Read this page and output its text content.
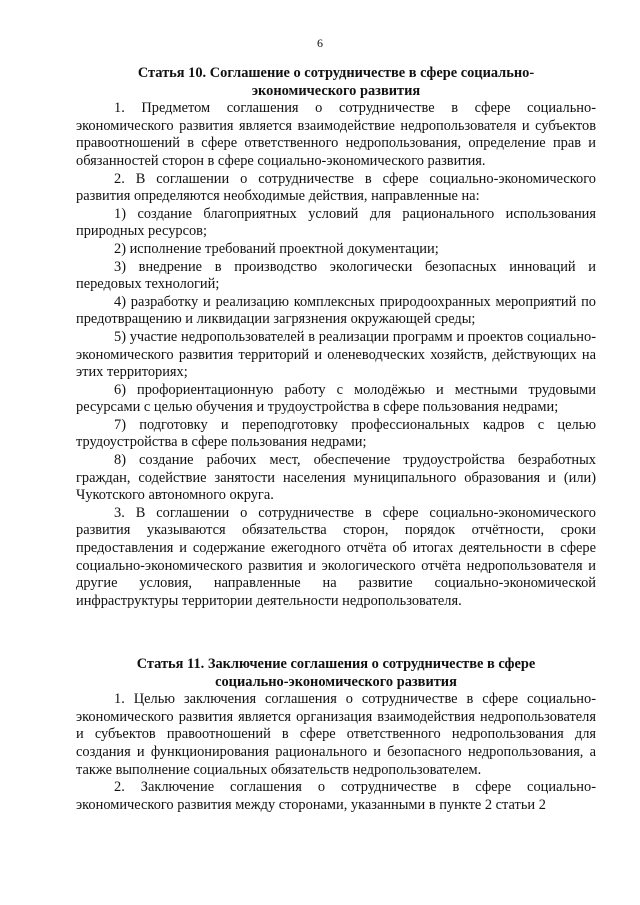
6
Статья 10. Соглашение о сотрудничестве в сфере социально-
экономического развития
1. Предметом соглашения о сотрудничестве в сфере социально-экономического развития является взаимодействие недропользователя и субъектов правоотношений в сфере ответственного недропользования, определение прав и обязанностей сторон в сфере социально-экономического развития.
2. В соглашении о сотрудничестве в сфере социально-экономического развития определяются необходимые действия, направленные на:
1) создание благоприятных условий для рационального использования природных ресурсов;
2) исполнение требований проектной документации;
3) внедрение в производство экологически безопасных инноваций и передовых технологий;
4) разработку и реализацию комплексных природоохранных мероприятий по предотвращению и ликвидации загрязнения окружающей среды;
5) участие недропользователей в реализации программ и проектов социально-экономического развития территорий и оленеводческих хозяйств, действующих на этих территориях;
6) профориентационную работу с молодёжью и местными трудовыми ресурсами с целью обучения и трудоустройства в сфере пользования недрами;
7) подготовку и переподготовку профессиональных кадров с целью трудоустройства в сфере пользования недрами;
8) создание рабочих мест, обеспечение трудоустройства безработных граждан, содействие занятости населения муниципального образования и (или) Чукотского автономного округа.
3. В соглашении о сотрудничестве в сфере социально-экономического развития указываются обязательства сторон, порядок отчётности, сроки предоставления и содержание ежегодного отчёта об итогах деятельности в сфере социально-экономического развития и экологического отчёта недропользователя и другие условия, направленные на развитие социально-экономической инфраструктуры территории деятельности недропользователя.
Статья 11. Заключение соглашения о сотрудничестве в сфере
социально-экономического развития
1. Целью заключения соглашения о сотрудничестве в сфере социально-экономического развития является организация взаимодействия недропользователя и субъектов правоотношений в сфере ответственного недропользования для создания и функционирования рационального и безопасного недропользования, а также выполнение социальных обязательств недропользователем.
2. Заключение соглашения о сотрудничестве в сфере социально-экономического развития между сторонами, указанными в пункте 2 статьи 2
